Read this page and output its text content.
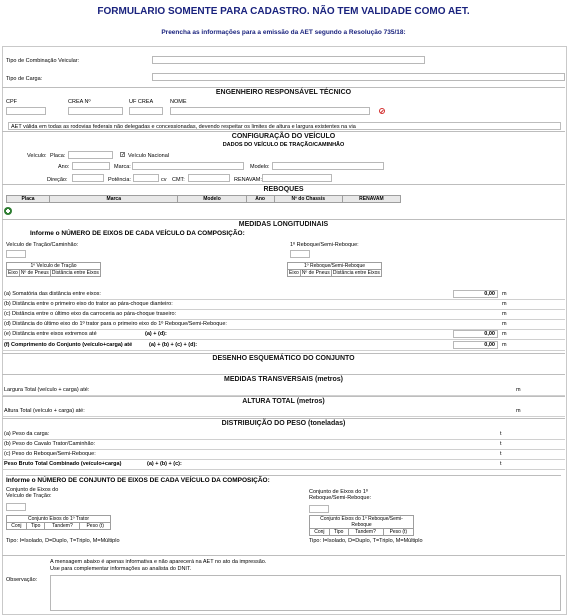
FORMULARIO SOMENTE PARA CADASTRO. NÃO TEM VALIDADE COMO AET.
Preencha as informações para a emissão da AET segundo a Resolução 735/18:
Tipo de Combinação Veicular:
Tipo de Carga:
ENGENHEIRO RESPONSÁVEL TÉCNICO
CPF	CREA Nº	UF CREA	NOME
AET válida em todas as rodovias federais não delegadas e concessionadas, devendo respeitar os limites de altura e largura existentes na via
CONFIGURAÇÃO DO VEÍCULO
DADOS DO VEÍCULO DE TRAÇÃO/CAMINHÃO
Veículo: Placa:	✓ Veículo Nacional
Ano:	Marca:	Modelo:
Direção:	Potência:	cv CMT:	RENAVAM:
REBOQUES
Placa	Marca	Modelo	Ano	Nº do Chassis	RENAVAM
MEDIDAS LONGITUDINAIS
Informe o NÚMERO DE EIXOS DE CADA VEÍCULO DA COMPOSIÇÃO:
Veículo de Tração/Caminhão:	1º Reboque/Semi-Reboque:
1º Veículo de Tração
Eixo	Nº de Pneus	Distância entre Eixos
1º Reboque/Semi-Reboque
Eixo	Nº de Pneus	Distância entre Eixos
(a) Somatória das distância entre eixos:	0,00 m
(b) Distância entre o primeiro eixo do trator ao pára-choque dianteiro:	m
(c) Distância entre o último eixo da carroceria ao pára-choque traseiro:	m
(d) Distância do último eixo do 1º trator para o primeiro eixo do 1º Reboque/Semi-Reboque:	m
(e) Distância entre eixos extremos até	(a) + (d):	0,00 m
(f) Comprimento do Conjunto (veículo+carga) até	(a) + (b) + (c) + (d):	0,00 m
DESENHO ESQUEMÁTICO DO CONJUNTO
MEDIDAS TRANSVERSAIS (metros)
Largura Total (veículo + carga) até:	m
ALTURA TOTAL (metros)
Altura Total (veículo + carga) até:	m
DISTRIBUIÇÃO DO PESO (toneladas)
(a) Peso da carga:	t
(b) Peso do Cavalo Trator/Caminhão:	t
(c) Peso do Reboque/Semi-Reboque:	t
Peso Bruto Total Combinado (veículo+carga)	(a) + (b) + (c):	t
Informe o NÚMERO DE CONJUNTO DE EIXOS DE CADA VEÍCULO DA COMPOSIÇÃO:
Conjunto de Eixos do Veículo de Tração:
Conjunto de Eixos do 1º Reboque/Semi-Reboque:
Conjunto Eixos do 1º Trator
Conj	Tipo	Tandem?	Peso (t)
Tipo: I=Isolado, D=Duplo, T=Triplo, M=Múltiplo
Conjunto Eixos do 1º Reboque/Semi-Reboque
Conj	Tipo	Tandem?	Peso (t)
Tipo: I=Isolado, D=Duplo, T=Triplo, M=Múltiplo
A mensagem abaixo é apenas informativa e não aparecerá na AET no ato da impressão.
Use para complementar informações ao analista do DNIT.
Observação:
